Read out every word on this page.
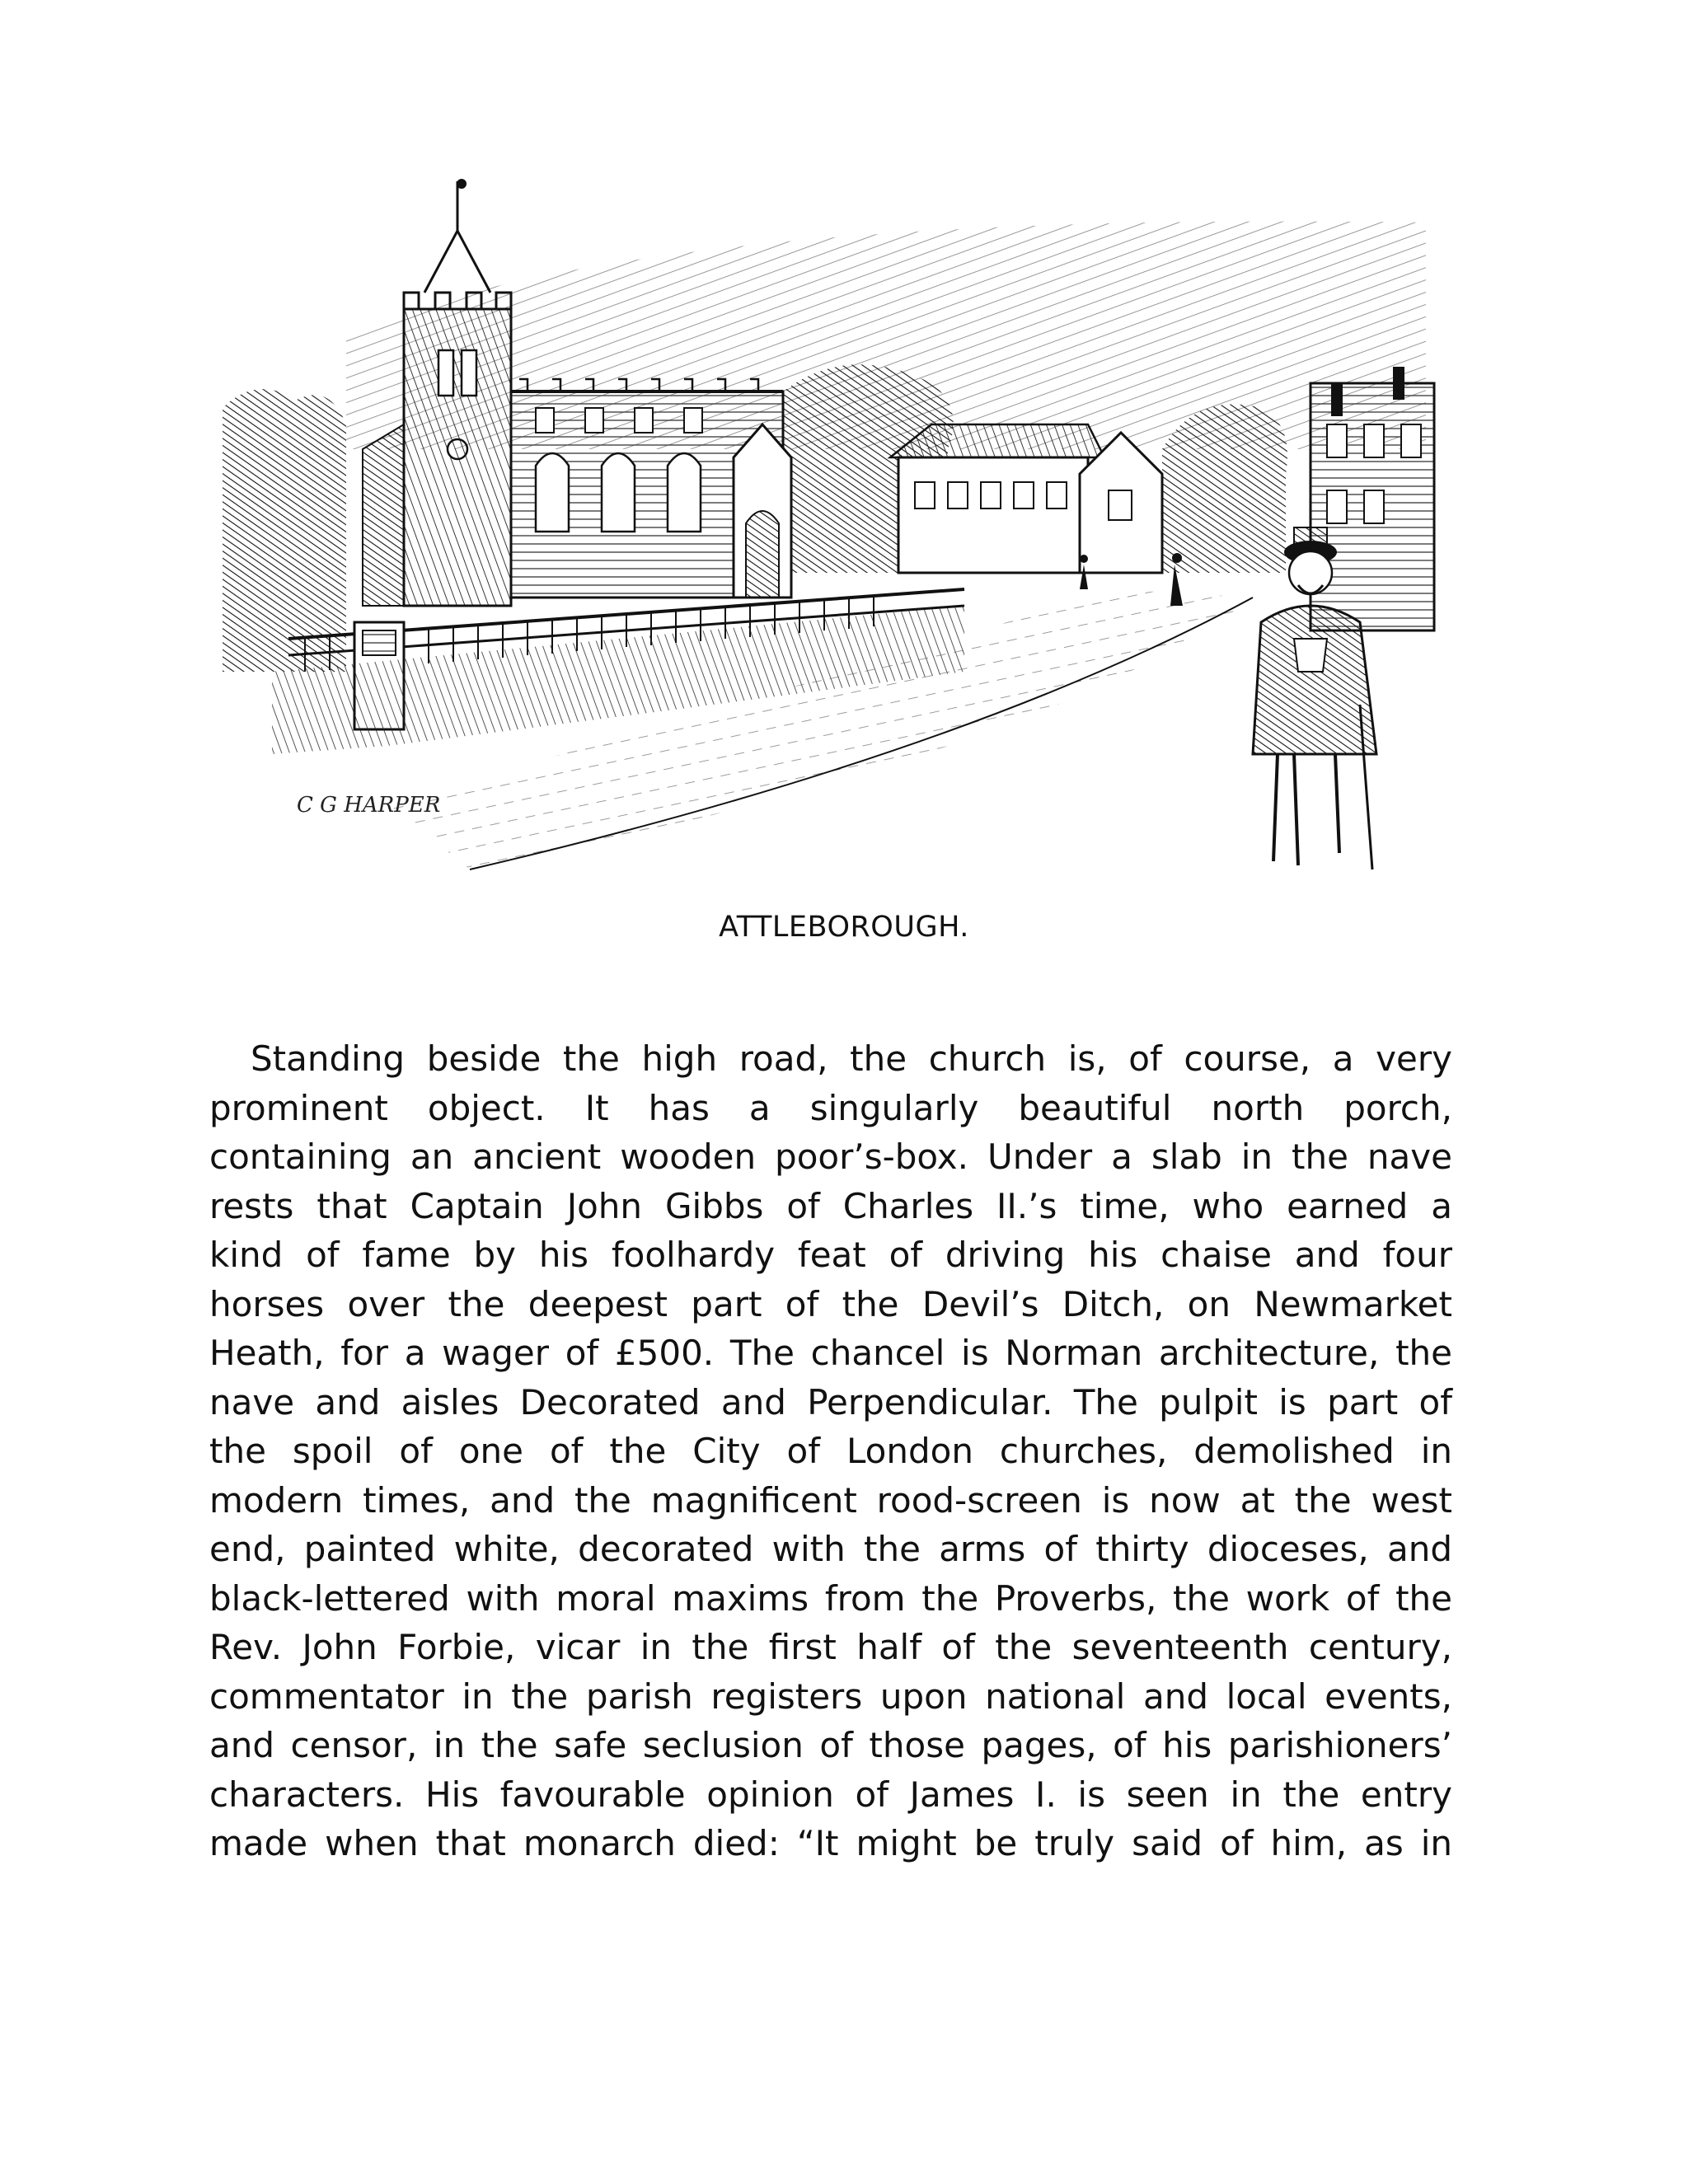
C G HARPER
ATTLEBOROUGH.
Standing beside the high road, the church is, of course, a very
prominent object. It has a singularly beautiful north porch,
containing an ancient wooden poor’s-box. Under a slab in the nave
rests that Captain John Gibbs of Charles II.’s time, who earned a
kind of fame by his foolhardy feat of driving his chaise and four
horses over the deepest part of the Devil’s Ditch, on Newmarket
Heath, for a wager of £500. The chancel is Norman architecture, the
nave and aisles Decorated and Perpendicular. The pulpit is part of
the spoil of one of the City of London churches, demolished in
modern times, and the magnificent rood-screen is now at the west
end, painted white, decorated with the arms of thirty dioceses, and
black-lettered with moral maxims from the Proverbs, the work of the
Rev. John Forbie, vicar in the first half of the seventeenth century,
commentator in the parish registers upon national and local events,
and censor, in the safe seclusion of those pages, of his parishioners’
characters. His favourable opinion of James I. is seen in the entry
made when that monarch died: “It might be truly said of him, as in
